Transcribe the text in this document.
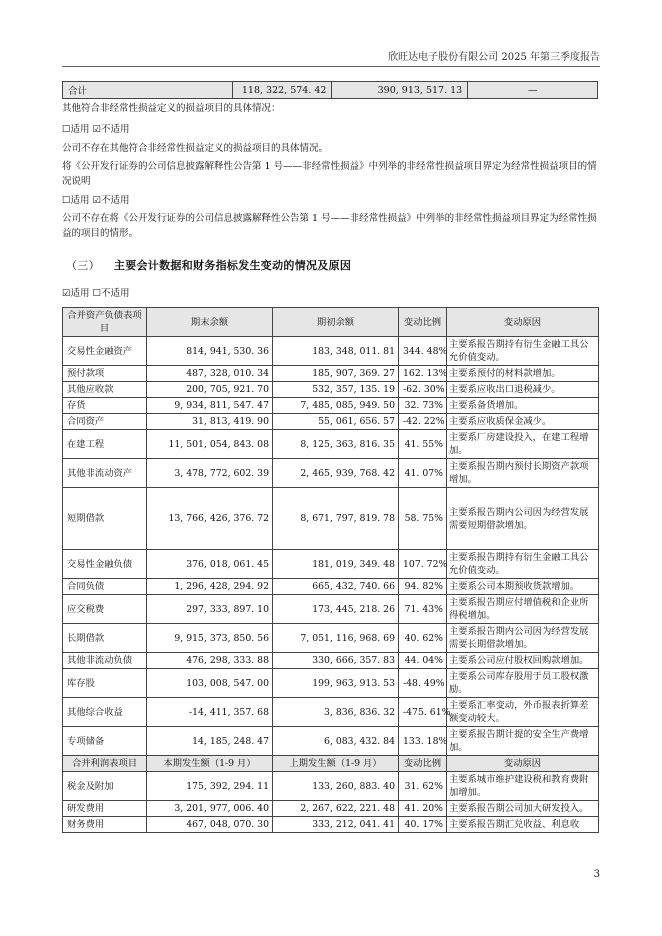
欣旺达电子股份有限公司 2025 年第三季度报告
合计	118, 322, 574. 42	390, 913, 517. 13	—
其他符合非经常性损益定义的损益项目的具体情况：
☐适用 ☑不适用
公司不存在其他符合非经常性损益定义的损益项目的具体情况。
将《公开发行证券的公司信息披露解释性公告第 1 号——非经常性损益》中列举的非经常性损益项目界定为经常性损益项目的情况说明
☐适用 ☑不适用
公司不存在将《公开发行证券的公司信息披露解释性公告第 1 号——非经常性损益》中列举的非经常性损益项目界定为经常性损益的项目的情形。
（三） 主要会计数据和财务指标发生变动的情况及原因
☑适用 ☐不适用
合并资产负债表项目	期末余额	期初余额	变动比例	变动原因
交易性金融资产	814, 941, 530. 36	183, 348, 011. 81	344. 48%	主要系报告期持有衍生金融工具公允价值变动。
预付款项	487, 328, 010. 34	185, 907, 369. 27	162. 13%	主要系预付的材料款增加。
其他应收款	200, 705, 921. 70	532, 357, 135. 19	-62. 30%	主要系应收出口退税减少。
存货	9, 934, 811, 547. 47	7, 485, 085, 949. 50	32. 73%	主要系备货增加。
合同资产	31, 813, 419. 90	55, 061, 656. 57	-42. 22%	主要系应收质保金减少。
在建工程	11, 501, 054, 843. 08	8, 125, 363, 816. 35	41. 55%	主要系厂房建设投入，在建工程增加。
其他非流动资产	3, 478, 772, 602. 39	2, 465, 939, 768. 42	41. 07%	主要系报告期内预付长期资产款项增加。
短期借款	13, 766, 426, 376. 72	8, 671, 797, 819. 78	58. 75%	主要系报告期内公司因为经营发展需要短期借款增加。
交易性金融负债	376, 018, 061. 45	181, 019, 349. 48	107. 72%	主要系报告期持有衍生金融工具公允价值变动。
合同负债	1, 296, 428, 294. 92	665, 432, 740. 66	94. 82%	主要系公司本期预收货款增加。
应交税费	297, 333, 897. 10	173, 445, 218. 26	71. 43%	主要系报告期应付增值税和企业所得税增加。
长期借款	9, 915, 373, 850. 56	7, 051, 116, 968. 69	40. 62%	主要系报告期内公司因为经营发展需要长期借款增加。
其他非流动负债	476, 298, 333. 88	330, 666, 357. 83	44. 04%	主要系公司应付股权回购款增加。
库存股	103, 008, 547. 00	199, 963, 913. 53	-48. 49%	主要系公司库存股用于员工股权激励。
其他综合收益	-14, 411, 357. 68	3, 836, 836. 32	-475. 61%	主要系汇率变动，外币报表折算差额变动较大。
专项储备	14, 185, 248. 47	6, 083, 432. 84	133. 18%	主要系报告期计提的安全生产费增加。
合并利润表项目	本期发生额（1-9 月）	上期发生额（1-9 月）	变动比例	变动原因
税金及附加	175, 392, 294. 11	133, 260, 883. 40	31. 62%	主要系城市维护建设税和教育费附加增加。
研发费用	3, 201, 977, 006. 40	2, 267, 622, 221. 48	41. 20%	主要系报告期公司加大研发投入。
财务费用	467, 048, 070. 30	333, 212, 041. 41	40. 17%	主要系报告期汇兑收益、利息收
3
